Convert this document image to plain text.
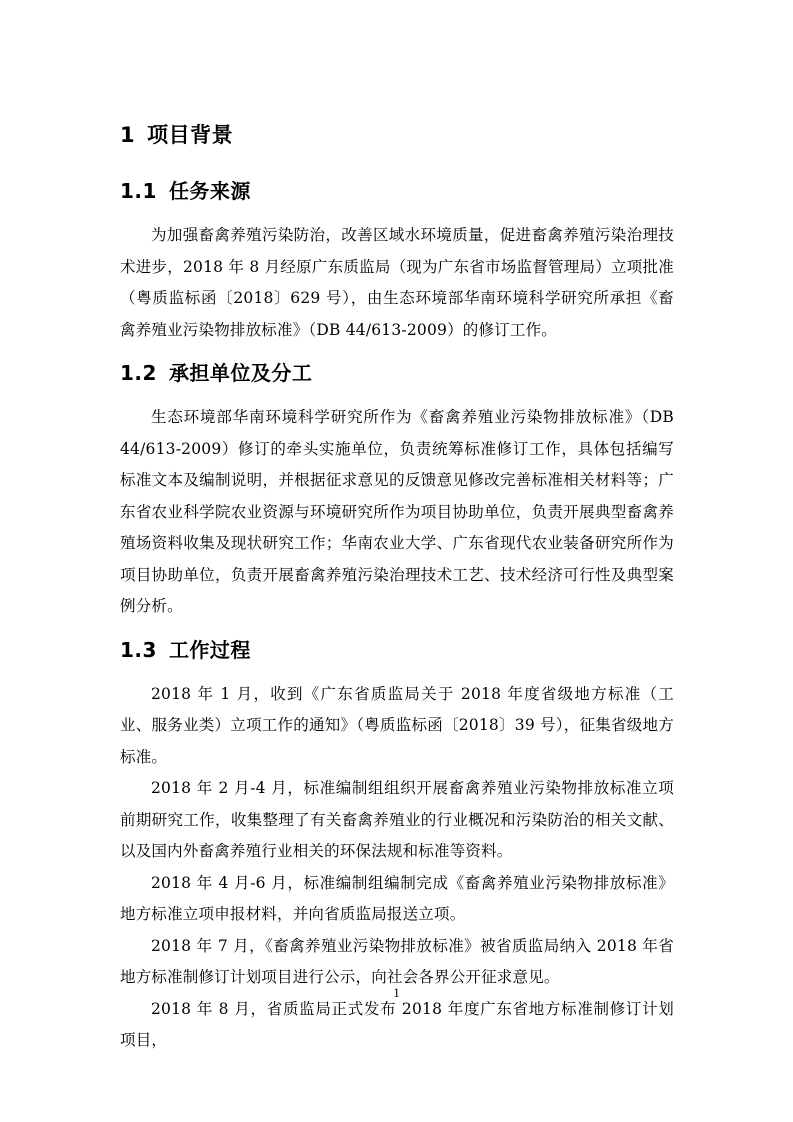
1 项目背景
1.1 任务来源

为加强畜禽养殖污染防治，改善区域水环境质量，促进畜禽养殖污染治理技术进步，2018 年 8 月经原广东质监局（现为广东省市场监督管理局）立项批准（粤质监标函〔2018〕629 号），由生态环境部华南环境科学研究所承担《畜禽养殖业污染物排放标准》（DB 44/613-2009）的修订工作。

1.2 承担单位及分工

生态环境部华南环境科学研究所作为《畜禽养殖业污染物排放标准》（DB 44/613-2009）修订的牵头实施单位，负责统筹标准修订工作，具体包括编写标准文本及编制说明，并根据征求意见的反馈意见修改完善标准相关材料等；广东省农业科学院农业资源与环境研究所作为项目协助单位，负责开展典型畜禽养殖场资料收集及现状研究工作；华南农业大学、广东省现代农业装备研究所作为项目协助单位，负责开展畜禽养殖污染治理技术工艺、技术经济可行性及典型案例分析。

1.3 工作过程

2018 年 1 月，收到《广东省质监局关于 2018 年度省级地方标准（工业、服务业类）立项工作的通知》（粤质监标函〔2018〕39 号），征集省级地方标准。

2018 年 2 月-4 月，标准编制组组织开展畜禽养殖业污染物排放标准立项前期研究工作，收集整理了有关畜禽养殖业的行业概况和污染防治的相关文献、以及国内外畜禽养殖行业相关的环保法规和标准等资料。

2018 年 4 月-6 月，标准编制组编制完成《畜禽养殖业污染物排放标准》地方标准立项申报材料，并向省质监局报送立项。

2018 年 7 月，《畜禽养殖业污染物排放标准》被省质监局纳入 2018 年省地方标准制修订计划项目进行公示，向社会各界公开征求意见。

2018 年 8 月，省质监局正式发布 2018 年度广东省地方标准制修订计划项目，

1
